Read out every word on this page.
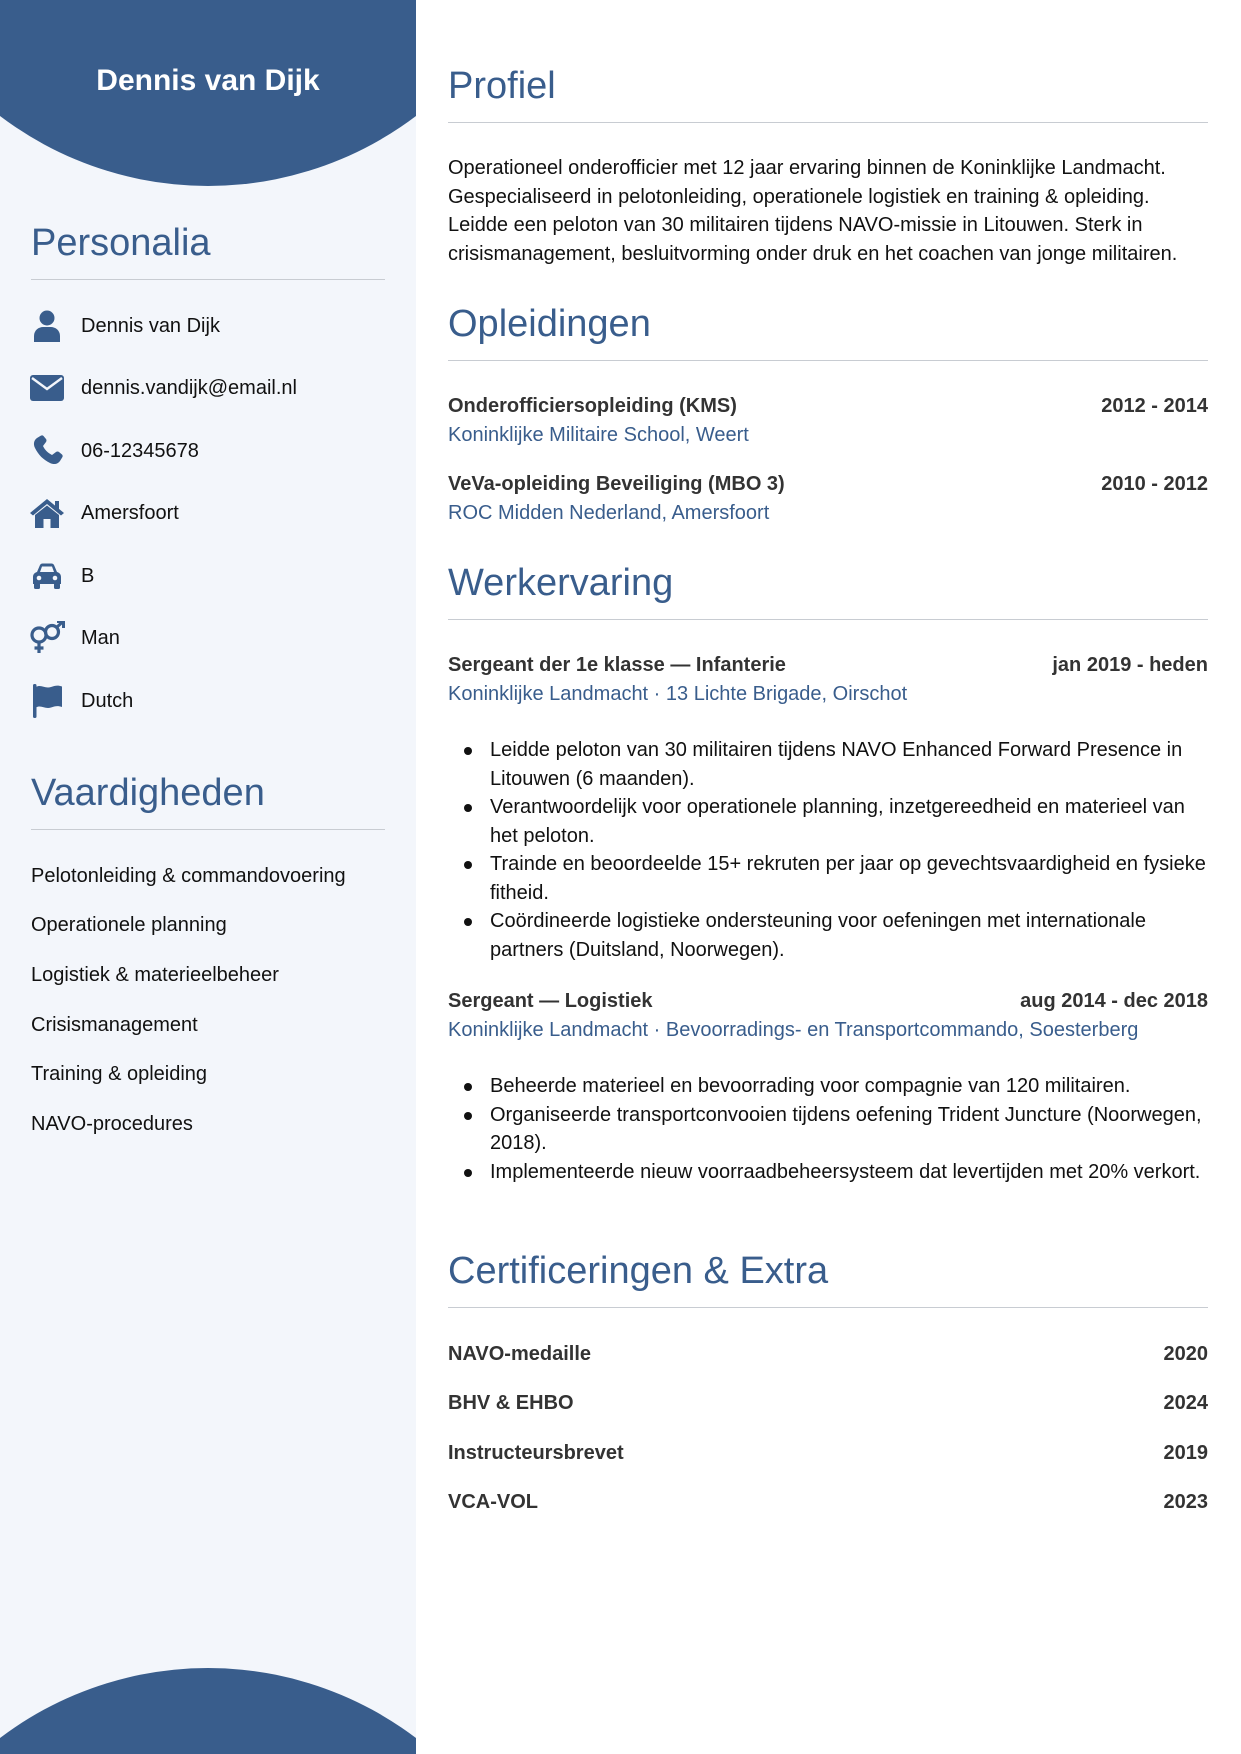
Dennis van Dijk
Personalia
Dennis van Dijk
dennis.vandijk@email.nl
06-12345678
Amersfoort
B
Man
Dutch
Vaardigheden
Pelotonleiding & commandovoering
Operationele planning
Logistiek & materieelbeheer
Crisismanagement
Training & opleiding
NAVO-procedures
Profiel
Operationeel onderofficier met 12 jaar ervaring binnen de Koninklijke Landmacht. Gespecialiseerd in pelotonleiding, operationele logistiek en training & opleiding. Leidde een peloton van 30 militairen tijdens NAVO-missie in Litouwen. Sterk in crisismanagement, besluitvorming onder druk en het coachen van jonge militairen.
Opleidingen
Onderofficiersopleiding (KMS)	2012 - 2014
Koninklijke Militaire School, Weert
VeVa-opleiding Beveiliging (MBO 3)	2010 - 2012
ROC Midden Nederland, Amersfoort
Werkervaring
Sergeant der 1e klasse — Infanterie	jan 2019 - heden
Koninklijke Landmacht · 13 Lichte Brigade, Oirschot
Leidde peloton van 30 militairen tijdens NAVO Enhanced Forward Presence in Litouwen (6 maanden).
Verantwoordelijk voor operationele planning, inzetgereedheid en materieel van het peloton.
Trainde en beoordeelde 15+ rekruten per jaar op gevechtsvaardigheid en fysieke fitheid.
Coördineerde logistieke ondersteuning voor oefeningen met internationale partners (Duitsland, Noorwegen).
Sergeant — Logistiek	aug 2014 - dec 2018
Koninklijke Landmacht · Bevoorradings- en Transportcommando, Soesterberg
Beheerde materieel en bevoorrading voor compagnie van 120 militairen.
Organiseerde transportconvooien tijdens oefening Trident Juncture (Noorwegen, 2018).
Implementeerde nieuw voorraadbeheersysteem dat levertijden met 20% verkort.
Certificeringen & Extra
NAVO-medaille	2020
BHV & EHBO	2024
Instructeursbrevet	2019
VCA-VOL	2023
